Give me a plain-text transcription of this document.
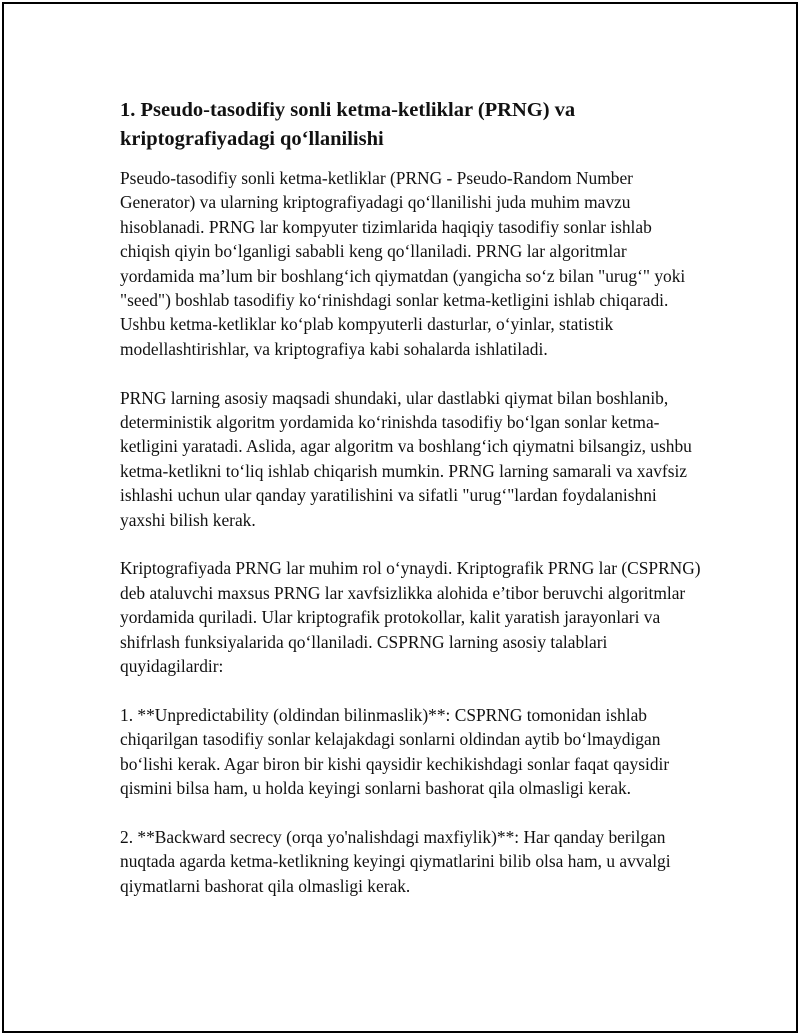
1. Pseudo-tasodifiy sonli ketma-ketliklar (PRNG) va kriptografiyadagi qo‘llanilishi

Pseudo-tasodifiy sonli ketma-ketliklar (PRNG - Pseudo-Random Number Generator) va ularning kriptografiyadagi qo‘llanilishi juda muhim mavzu hisoblanadi. PRNG lar kompyuter tizimlarida haqiqiy tasodifiy sonlar ishlab chiqish qiyin bo‘lganligi sababli keng qo‘llaniladi. PRNG lar algoritmlar yordamida ma’lum bir boshlang‘ich qiymatdan (yangicha so‘z bilan "urug‘" yoki "seed") boshlab tasodifiy ko‘rinishdagi sonlar ketma-ketligini ishlab chiqaradi. Ushbu ketma-ketliklar ko‘plab kompyuterli dasturlar, o‘yinlar, statistik modellashtirishlar, va kriptografiya kabi sohalarda ishlatiladi.

PRNG larning asosiy maqsadi shundaki, ular dastlabki qiymat bilan boshlanib, deterministik algoritm yordamida ko‘rinishda tasodifiy bo‘lgan sonlar ketma-ketligini yaratadi. Aslida, agar algoritm va boshlang‘ich qiymatni bilsangiz, ushbu ketma-ketlikni to‘liq ishlab chiqarish mumkin. PRNG larning samarali va xavfsiz ishlashi uchun ular qanday yaratilishini va sifatli "urug‘"lardan foydalanishni yaxshi bilish kerak.

Kriptografiyada PRNG lar muhim rol o‘ynaydi. Kriptografik PRNG lar (CSPRNG) deb ataluvchi maxsus PRNG lar xavfsizlikka alohida e’tibor beruvchi algoritmlar yordamida quriladi. Ular kriptografik protokollar, kalit yaratish jarayonlari va shifrlash funksiyalarida qo‘llaniladi. CSPRNG larning asosiy talablari quyidagilardir:

1. **Unpredictability (oldindan bilinmaslik)**: CSPRNG tomonidan ishlab chiqarilgan tasodifiy sonlar kelajakdagi sonlarni oldindan aytib bo‘lmaydigan bo‘lishi kerak. Agar biron bir kishi qaysidir kechikishdagi sonlar faqat qaysidir qismini bilsa ham, u holda keyingi sonlarni bashorat qila olmasligi kerak.

2. **Backward secrecy (orqa yo'nalishdagi maxfiylik)**: Har qanday berilgan nuqtada agarda ketma-ketlikning keyingi qiymatlarini bilib olsa ham, u avvalgi qiymatlarni bashorat qila olmasligi kerak.
